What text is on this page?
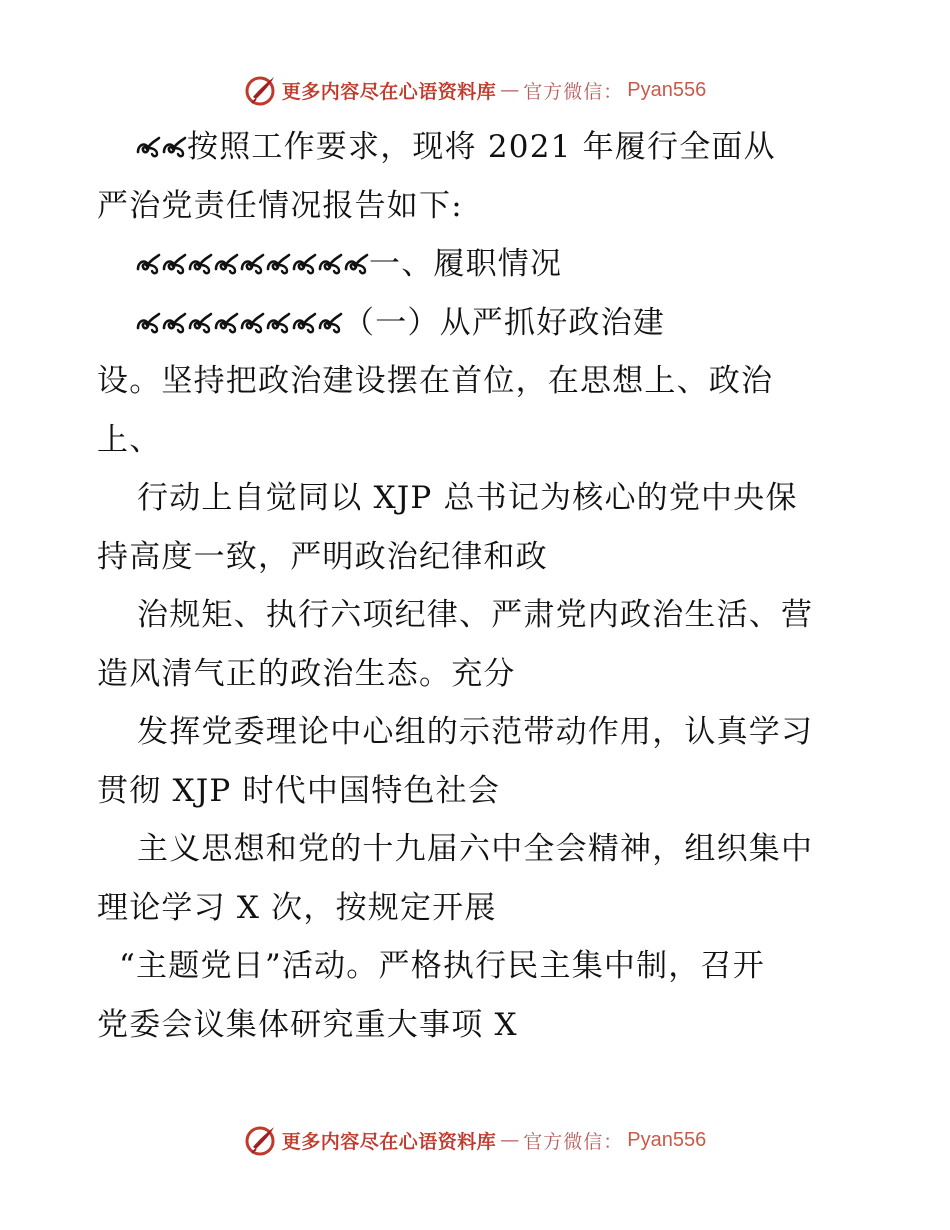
更多内容尽在心语资料库 — 官方微信： Pyan556
按照工作要求，现将 2021 年履行全面从
严治党责任情况报告如下:
一、履职情况
（一）从严抓好政治建
设。坚持把政治建设摆在首位，在思想上、政治
上、
行动上自觉同以 XJP 总书记为核心的党中央保
持高度一致，严明政治纪律和政
治规矩、执行六项纪律、严肃党内政治生活、营
造风清气正的政治生态。充分
发挥党委理论中心组的示范带动作用，认真学习
贯彻 XJP 时代中国特色社会
主义思想和党的十九届六中全会精神，组织集中
理论学习 X 次，按规定开展
“主题党日”活动。严格执行民主集中制，召开
党委会议集体研究重大事项 X
更多内容尽在心语资料库 — 官方微信： Pyan556
